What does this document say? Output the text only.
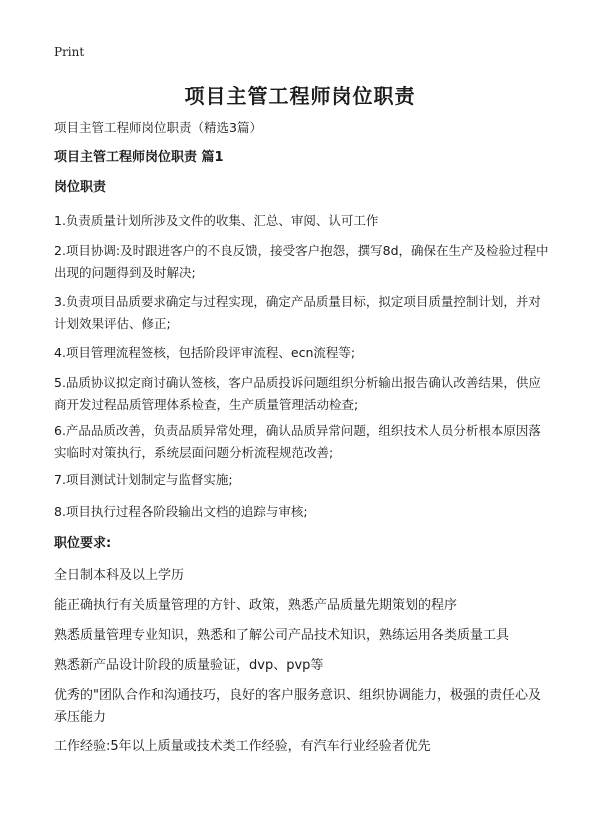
Print
项目主管工程师岗位职责

项目主管工程师岗位职责（精选3篇）

项目主管工程师岗位职责 篇1

岗位职责

1.负责质量计划所涉及文件的收集、汇总、审阅、认可工作

2.项目协调:及时跟进客户的不良反馈，接受客户抱怨，撰写8d，确保在生产及检验过程中出现的问题得到及时解决;

3.负责项目品质要求确定与过程实现，确定产品质量目标，拟定项目质量控制计划，并对计划效果评估、修正;

4.项目管理流程签核，包括阶段评审流程、ecn流程等;

5.品质协议拟定商讨确认签核，客户品质投诉问题组织分析输出报告确认改善结果，供应商开发过程品质管理体系检查，生产质量管理活动检查;

6.产品品质改善，负责品质异常处理，确认品质异常问题，组织技术人员分析根本原因落实临时对策执行，系统层面问题分析流程规范改善;

7.项目测试计划制定与监督实施;

8.项目执行过程各阶段输出文档的追踪与审核;

职位要求:

全日制本科及以上学历

能正确执行有关质量管理的方针、政策，熟悉产品质量先期策划的程序

熟悉质量管理专业知识，熟悉和了解公司产品技术知识，熟练运用各类质量工具

熟悉新产品设计阶段的质量验证，dvp、pvp等

优秀的"团队合作和沟通技巧，良好的客户服务意识、组织协调能力，极强的责任心及承压能力

工作经验:5年以上质量或技术类工作经验，有汽车行业经验者优先
